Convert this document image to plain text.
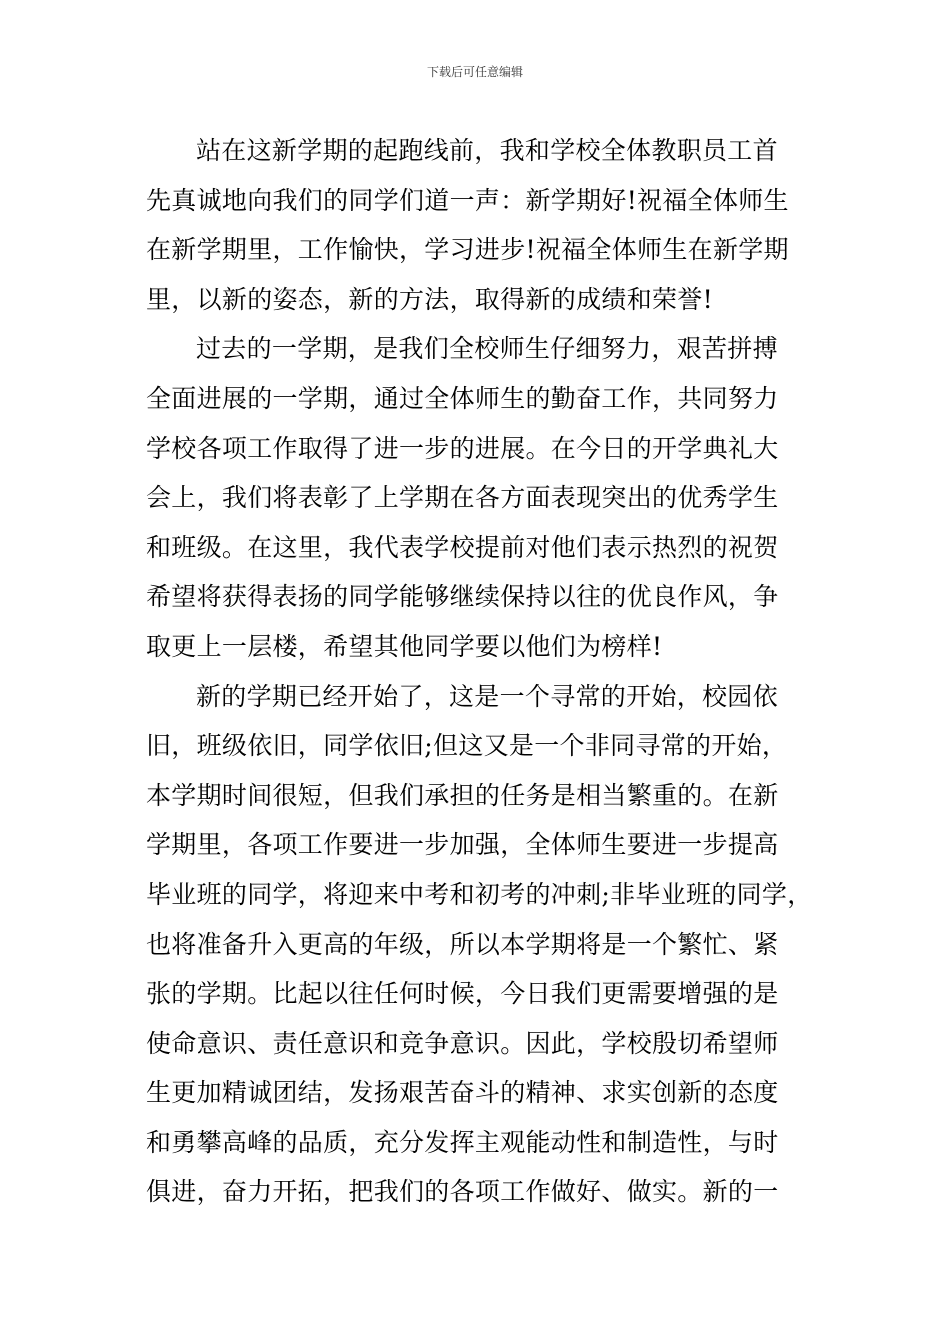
下载后可任意编辑
站在这新学期的起跑线前，我和学校全体教职员工首
先真诚地向我们的同学们道一声：新学期好!祝福全体师生
在新学期里，工作愉快，学习进步!祝福全体师生在新学期
里，以新的姿态，新的方法，取得新的成绩和荣誉!
过去的一学期，是我们全校师生仔细努力，艰苦拼搏
全面进展的一学期，通过全体师生的勤奋工作，共同努力
学校各项工作取得了进一步的进展。在今日的开学典礼大
会上，我们将表彰了上学期在各方面表现突出的优秀学生
和班级。在这里，我代表学校提前对他们表示热烈的祝贺
希望将获得表扬的同学能够继续保持以往的优良作风，争
取更上一层楼，希望其他同学要以他们为榜样!
新的学期已经开始了，这是一个寻常的开始，校园依
旧，班级依旧，同学依旧;但这又是一个非同寻常的开始，
本学期时间很短，但我们承担的任务是相当繁重的。在新
学期里，各项工作要进一步加强，全体师生要进一步提高
毕业班的同学，将迎来中考和初考的冲刺;非毕业班的同学，
也将准备升入更高的年级，所以本学期将是一个繁忙、紧
张的学期。比起以往任何时候，今日我们更需要增强的是
使命意识、责任意识和竞争意识。因此，学校殷切希望师
生更加精诚团结，发扬艰苦奋斗的精神、求实创新的态度
和勇攀高峰的品质，充分发挥主观能动性和制造性，与时
俱进，奋力开拓，把我们的各项工作做好、做实。新的一
